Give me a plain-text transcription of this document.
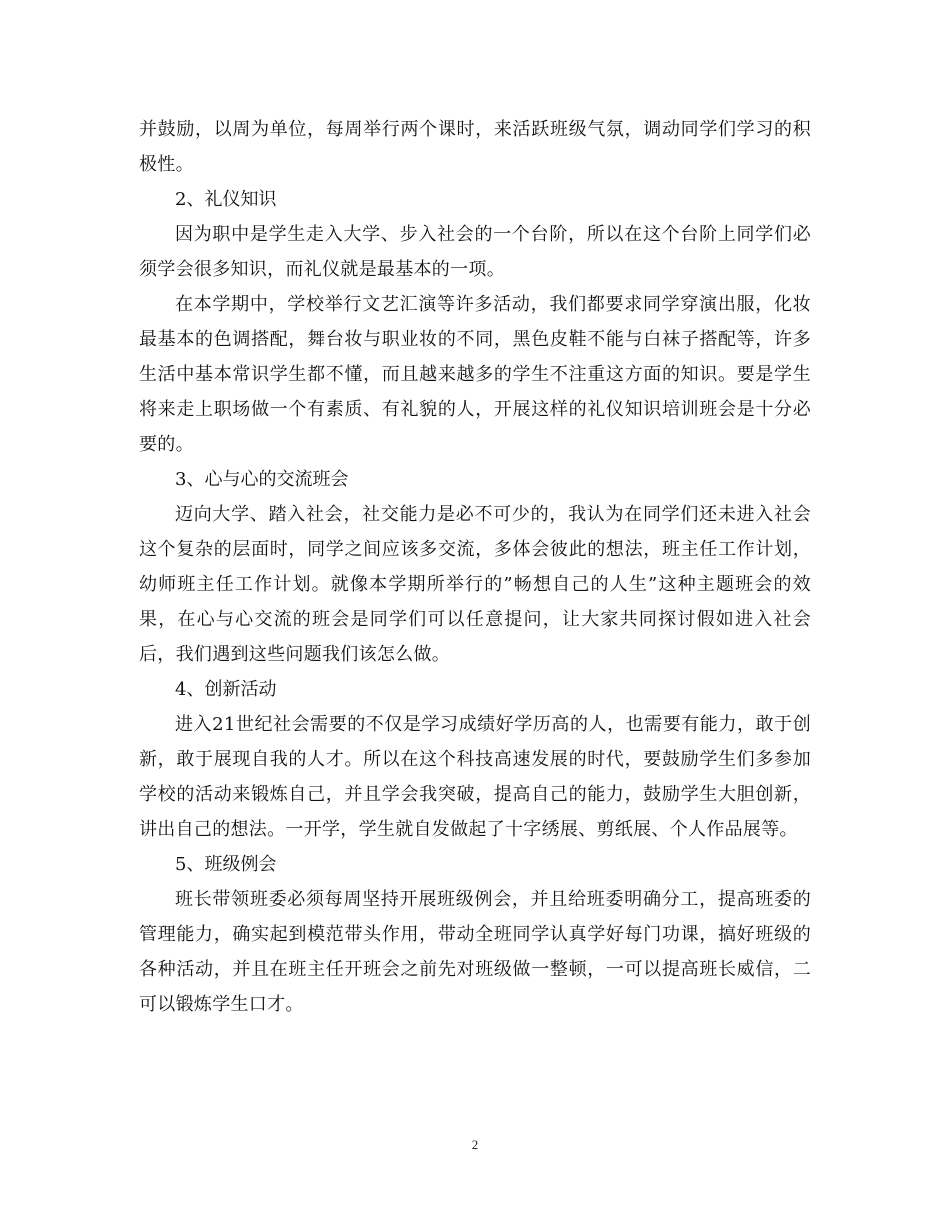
并鼓励，以周为单位，每周举行两个课时，来活跃班级气氛，调动同学们学习的积极性。

2、礼仪知识

因为职中是学生走入大学、步入社会的一个台阶，所以在这个台阶上同学们必须学会很多知识，而礼仪就是最基本的一项。

在本学期中，学校举行文艺汇演等许多活动，我们都要求同学穿演出服，化妆最基本的色调搭配，舞台妆与职业妆的不同，黑色皮鞋不能与白袜子搭配等，许多生活中基本常识学生都不懂，而且越来越多的学生不注重这方面的知识。要是学生将来走上职场做一个有素质、有礼貌的人，开展这样的礼仪知识培训班会是十分必要的。

3、心与心的交流班会

迈向大学、踏入社会，社交能力是必不可少的，我认为在同学们还未进入社会这个复杂的层面时，同学之间应该多交流，多体会彼此的想法，班主任工作计划，幼师班主任工作计划。就像本学期所举行的”畅想自己的人生”这种主题班会的效果，在心与心交流的班会是同学们可以任意提问，让大家共同探讨假如进入社会后，我们遇到这些问题我们该怎么做。

4、创新活动

进入21世纪社会需要的不仅是学习成绩好学历高的人，也需要有能力，敢于创新，敢于展现自我的人才。所以在这个科技高速发展的时代，要鼓励学生们多参加学校的活动来锻炼自己，并且学会我突破，提高自己的能力，鼓励学生大胆创新，讲出自己的想法。一开学，学生就自发做起了十字绣展、剪纸展、个人作品展等。

5、班级例会

班长带领班委必须每周坚持开展班级例会，并且给班委明确分工，提高班委的管理能力，确实起到模范带头作用，带动全班同学认真学好每门功课，搞好班级的各种活动，并且在班主任开班会之前先对班级做一整顿，一可以提高班长威信，二可以锻炼学生口才。

2
